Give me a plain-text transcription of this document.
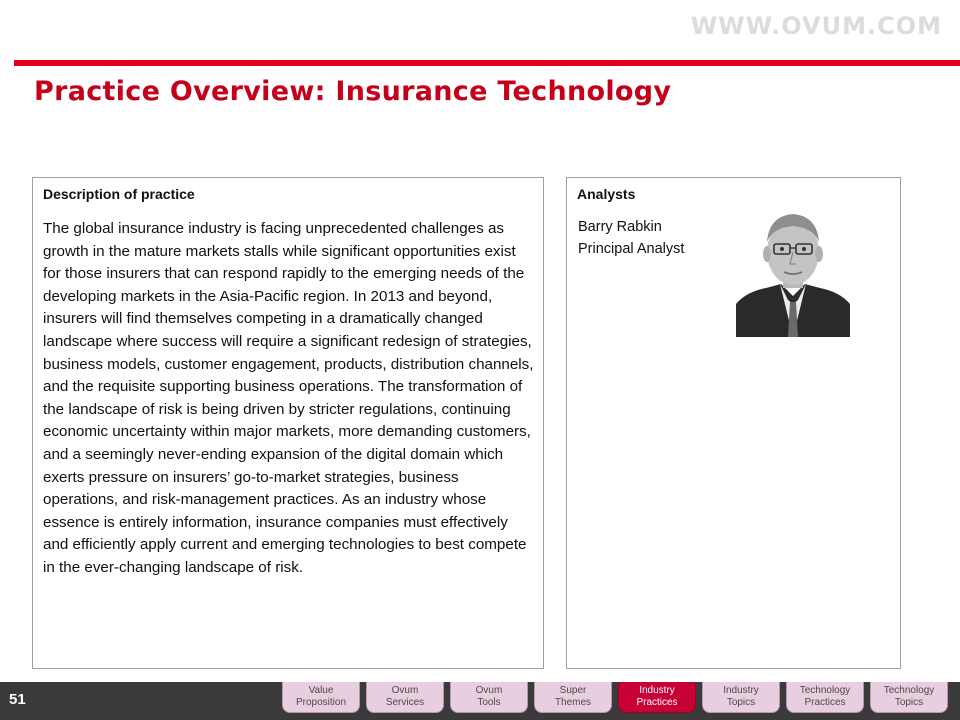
WWW.OVUM.COM
Practice Overview: Insurance Technology
Description of practice
The global insurance industry is facing unprecedented challenges as growth in the mature markets stalls while significant opportunities exist for those insurers that can respond rapidly to the emerging needs of the developing markets in the Asia-Pacific region. In 2013 and beyond, insurers will find themselves competing in a dramatically changed landscape where success will require a significant redesign of strategies, business models, customer engagement, products, distribution channels, and the requisite supporting business operations. The transformation of the landscape of risk is being driven by stricter regulations, continuing economic uncertainty within major markets, more demanding customers, and a seemingly never-ending expansion of the digital domain which exerts pressure on insurers’ go-to-market strategies, business operations, and risk-management practices. As an industry whose essence is entirely information, insurance companies must effectively and efficiently apply current and emerging technologies to best compete in the ever-changing landscape of risk.
Analysts
Barry Rabkin
Principal Analyst
51
Value
Proposition
Ovum
Services
Ovum
Tools
Super
Themes
Industry
Practices
Industry
Topics
Technology
Practices
Technology
Topics
